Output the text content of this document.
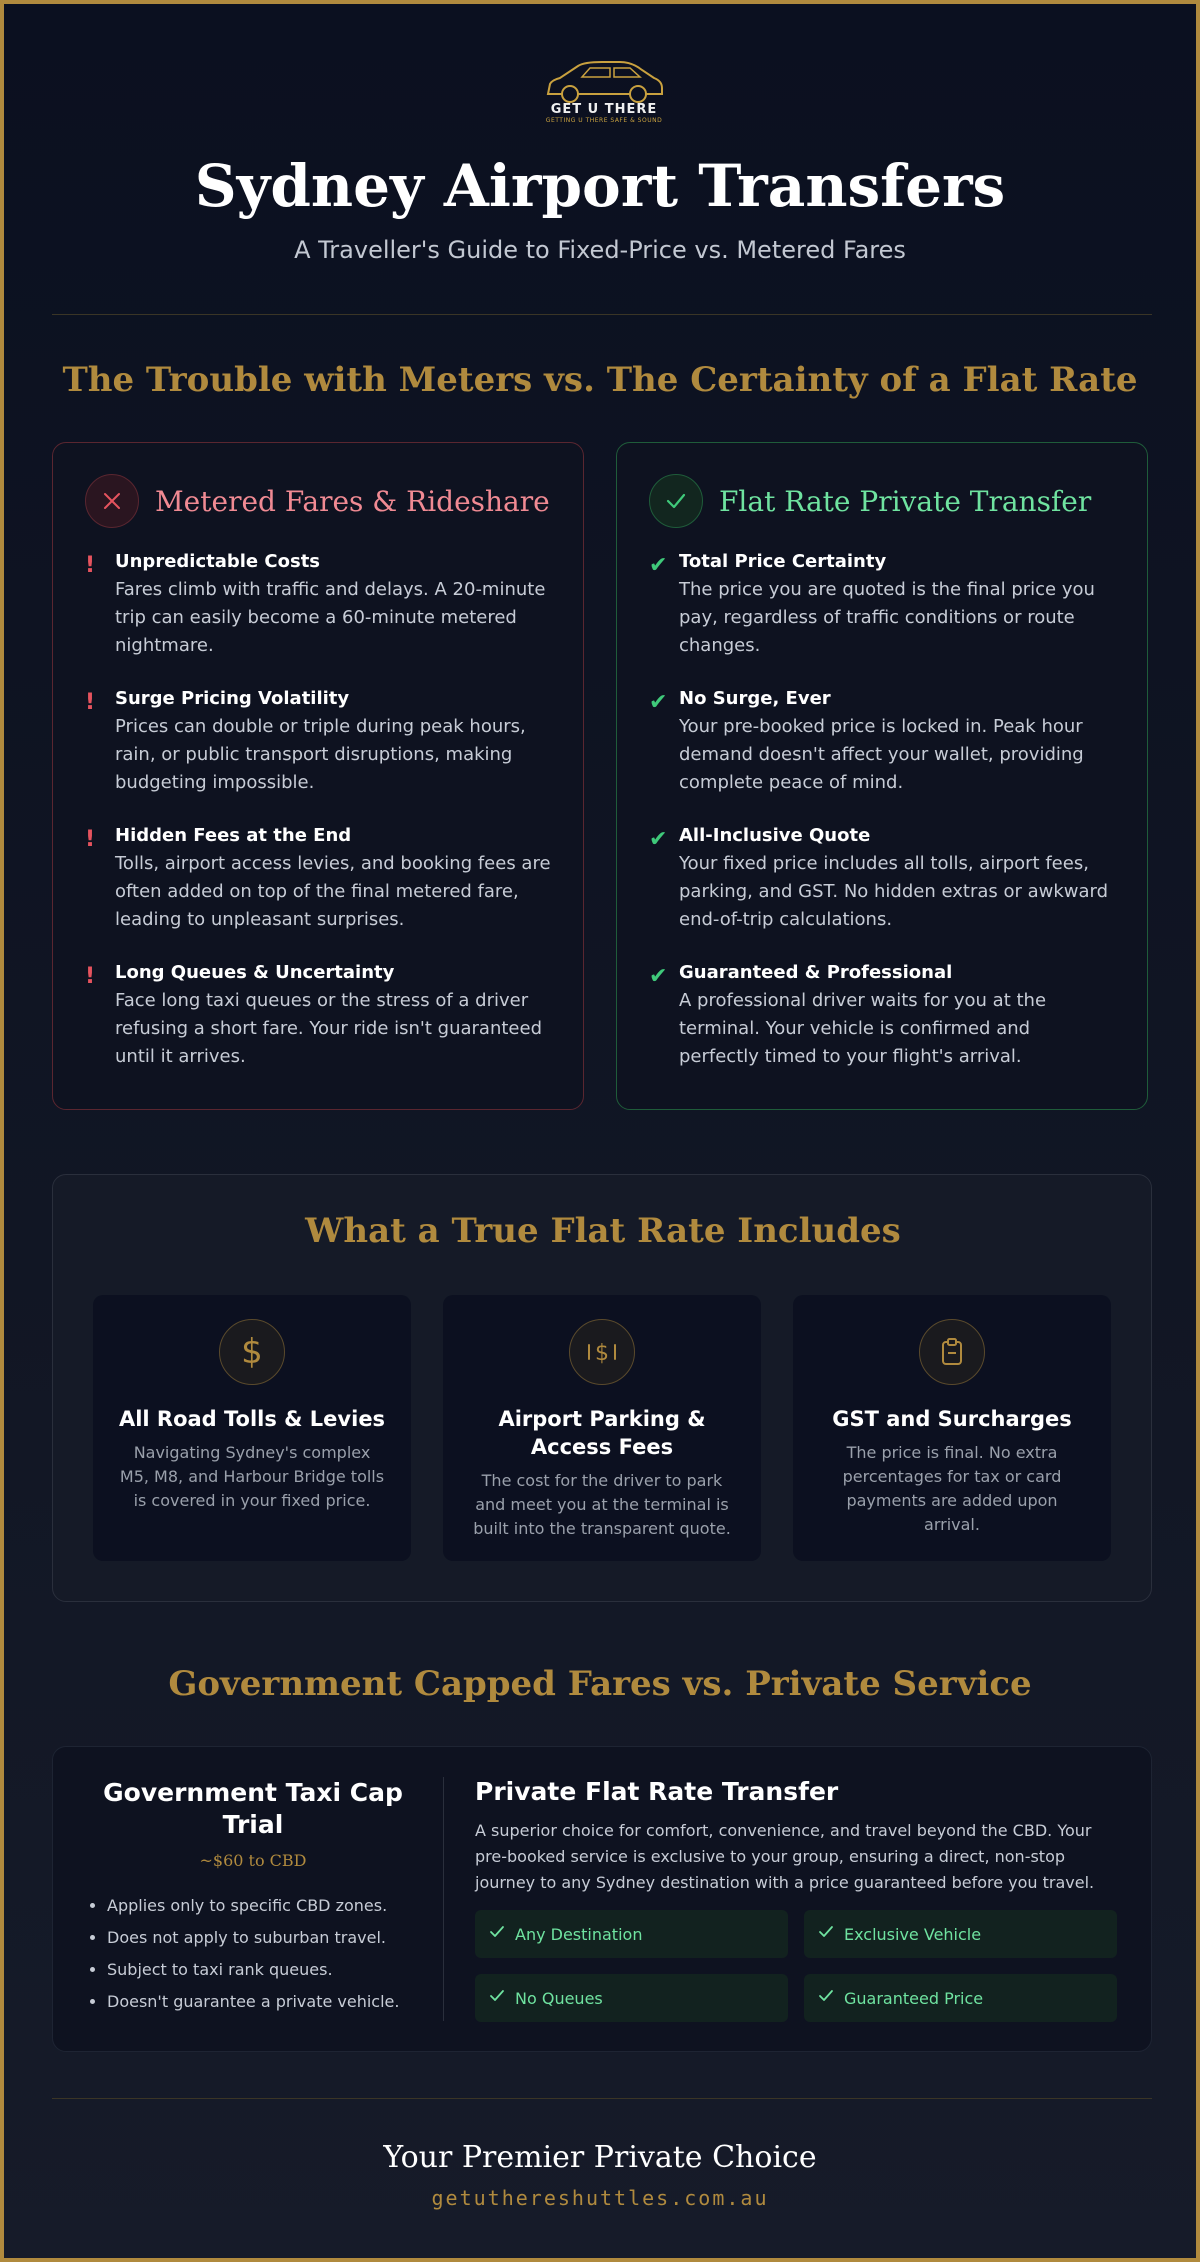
GET U THERE
GETTING U THERE SAFE & SOUND
Sydney Airport Transfers
A Traveller's Guide to Fixed-Price vs. Metered Fares
The Trouble with Meters vs. The Certainty of a Flat Rate
Metered Fares & Rideshare
!	Unpredictable Costs

Fares climb with traffic and delays. A 20-minute trip can easily become a 60-minute metered nightmare.

!	Surge Pricing Volatility

Prices can double or triple during peak hours, rain, or public transport disruptions, making budgeting impossible.

!	Hidden Fees at the End

Tolls, airport access levies, and booking fees are often added on top of the final metered fare, leading to unpleasant surprises.

!	Long Queues & Uncertainty

Face long taxi queues or the stress of a driver refusing a short fare. Your ride isn't guaranteed until it arrives.

Flat Rate Private Transfer
✔ Total Price Certainty

The price you are quoted is the final price you pay, regardless of traffic conditions or route changes.

✔ No Surge, Ever

Your pre-booked price is locked in. Peak hour demand doesn't affect your wallet, providing complete peace of mind.

✔ All-Inclusive Quote

Your fixed price includes all tolls, airport fees, parking, and GST. No hidden extras or awkward end-of-trip calculations.

✔ Guaranteed & Professional

A professional driver waits for you at the terminal. Your vehicle is confirmed and perfectly timed to your flight's arrival.

What a True Flat Rate Includes
$
All Road Tolls & Levies

Navigating Sydney's complex M5, M8, and Harbour Bridge tolls is covered in your fixed price.

$
Airport Parking & Access Fees

The cost for the driver to park and meet you at the terminal is built into the transparent quote.

GST and Surcharges

The price is final. No extra percentages for tax or card payments are added upon arrival.

Government Capped Fares vs. Private Service
Government Taxi Cap Trial
~$60 to CBD
• Applies only to specific CBD zones.
• Does not apply to suburban travel.
• Subject to taxi rank queues.
• Doesn't guarantee a private vehicle.
Private Flat Rate Transfer

A superior choice for comfort, convenience, and travel beyond the CBD. Your pre-booked service is exclusive to your group, ensuring a direct, non-stop journey to any Sydney destination with a price guaranteed before you travel.

Any Destination	Exclusive Vehicle
No Queues	Guaranteed Price
Your Premier Private Choice
getuthereshuttles.com.au
